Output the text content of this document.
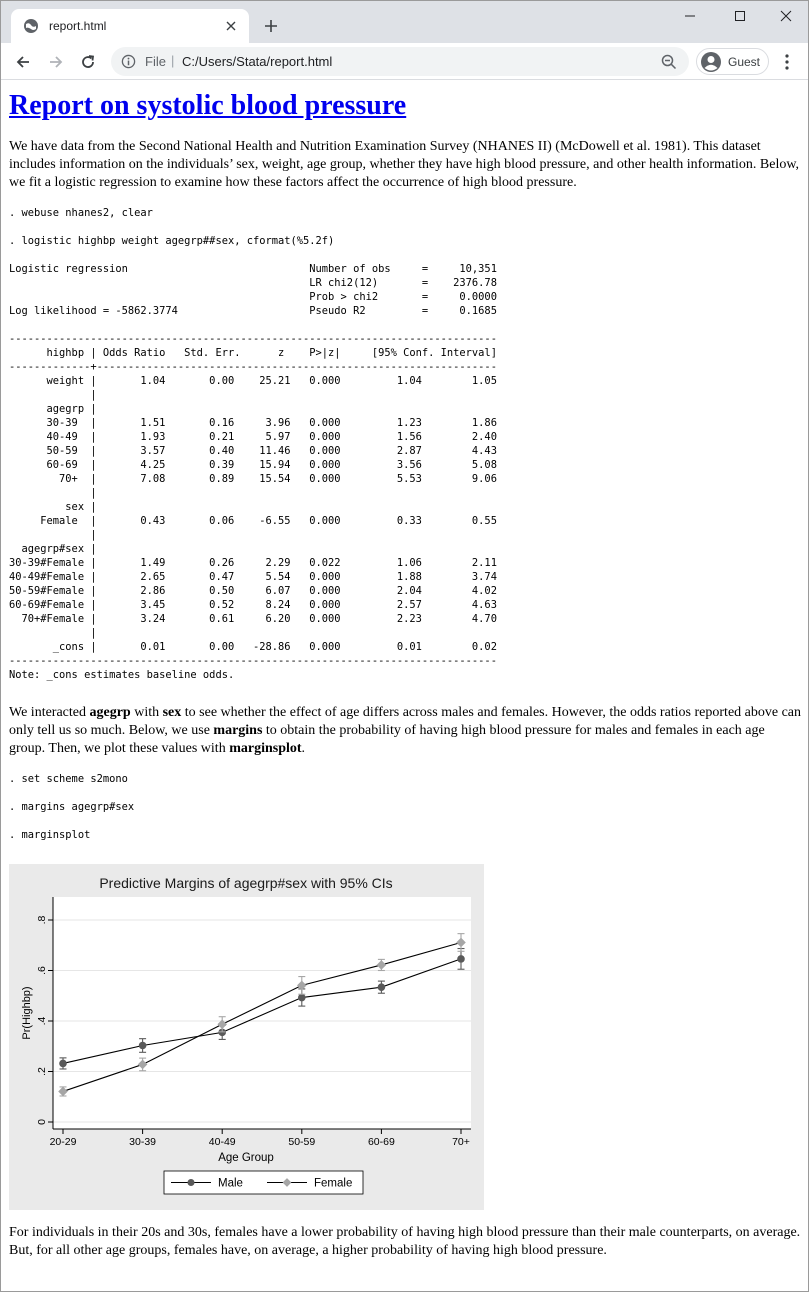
report.html
File | C:/Users/Stata/report.html	Guest
Report on systolic blood pressure

We have data from the Second National Health and Nutrition Examination Survey (NHANES II) (McDowell et al. 1981). This dataset includes information on the individuals’ sex, weight, age group, whether they have high blood pressure, and other health information. Below, we fit a logistic regression to examine how these factors affect the occurrence of high blood pressure.

. webuse nhanes2, clear
. logistic highbp weight agegrp##sex, cformat(%5.2f)
Logistic regression                             Number of obs     =     10,351
LR chi2(12)       =    2376.78
Prob > chi2       =     0.0000
Log likelihood = -5862.3774                     Pseudo R2         =     0.1685

------------------------------------------------------------------------------
highbp | Odds Ratio   Std. Err.      z    P>|z|     [95% Conf. Interval]
-------------+----------------------------------------------------------------
weight |       1.04       0.00    25.21   0.000         1.04        1.05
|
agegrp |
30-39  |       1.51       0.16     3.96   0.000         1.23        1.86
40-49  |       1.93       0.21     5.97   0.000         1.56        2.40
50-59  |       3.57       0.40    11.46   0.000         2.87        4.43
60-69  |       4.25       0.39    15.94   0.000         3.56        5.08
70+  |       7.08       0.89    15.54   0.000         5.53        9.06
|
sex |
Female  |       0.43       0.06    -6.55   0.000         0.33        0.55
|
agegrp#sex |
30-39#Female |       1.49       0.26     2.29   0.022         1.06        2.11
40-49#Female |       2.65       0.47     5.54   0.000         1.88        3.74
50-59#Female |       2.86       0.50     6.07   0.000         2.04        4.02
60-69#Female |       3.45       0.52     8.24   0.000         2.57        4.63
70+#Female |       3.24       0.61     6.20   0.000         2.23        4.70
|
_cons |       0.01       0.00   -28.86   0.000         0.01        0.02
------------------------------------------------------------------------------
Note: _cons estimates baseline odds.

We interacted agegrp with sex to see whether the effect of age differs across males and females. However, the odds ratios reported above can only tell us so much. Below, we use margins to obtain the probability of having high blood pressure for males and females in each age group. Then, we plot these values with marginsplot.

. set scheme s2mono
. margins agegrp#sex
. marginsplot
0
.2
.4
.6
.8
20-29	30-39	40-49	50-59	60-69	70+
Predictive Margins of agegrp#sex with 95% CIs
Age Group
Pr(Highbp)
Male	Female

For individuals in their 20s and 30s, females have a lower probability of having high blood pressure than their male counterparts, on average. But, for all other age groups, females have, on average, a higher probability of having high blood pressure.
